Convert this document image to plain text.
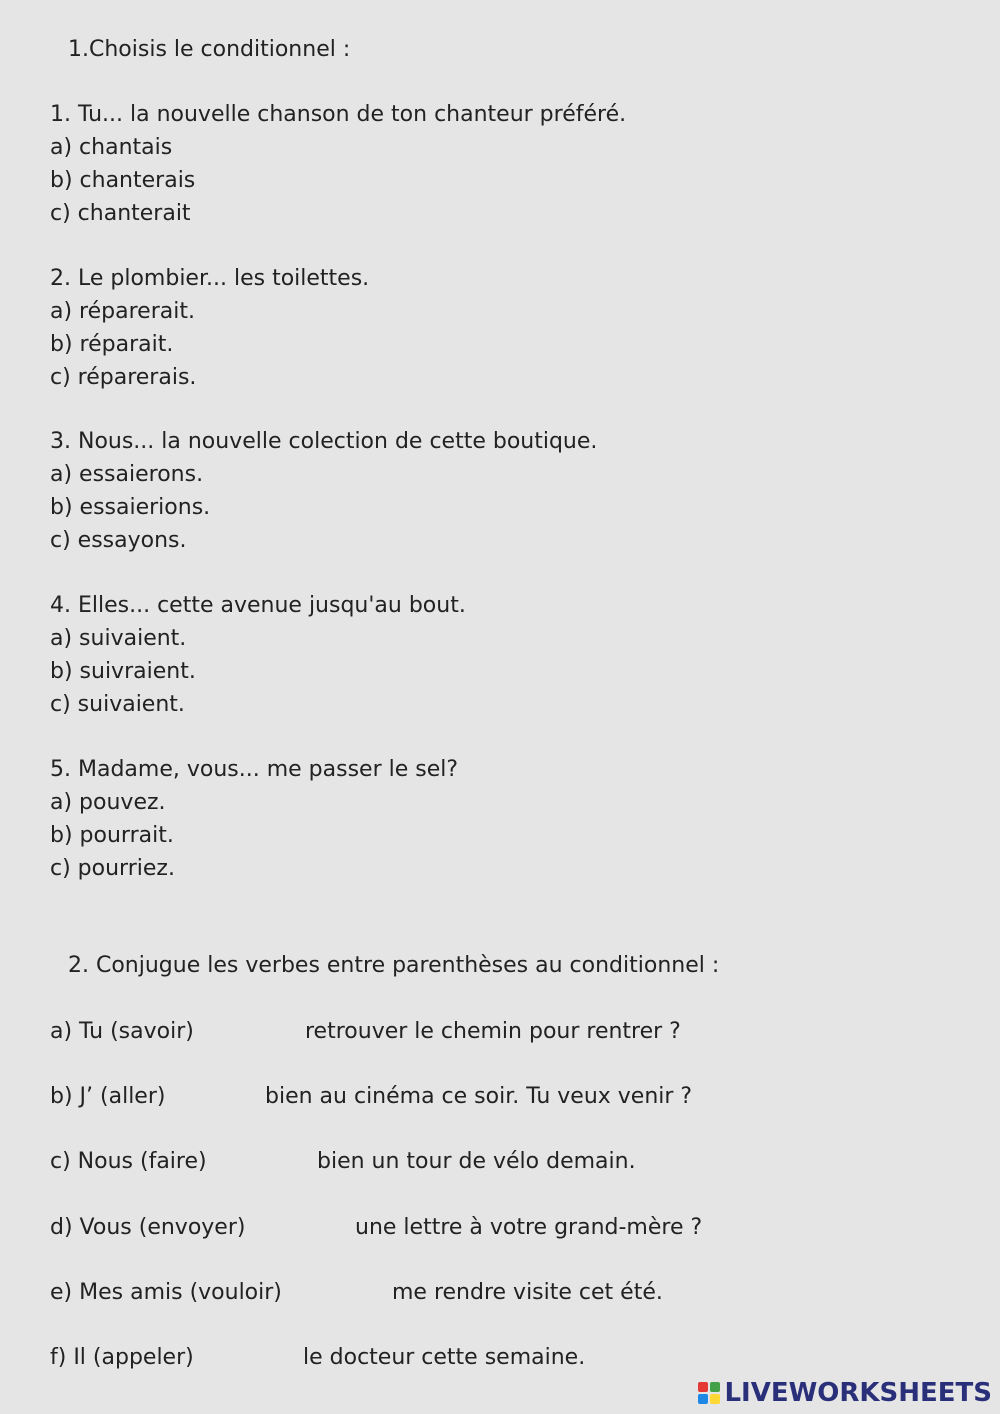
1.Choisis le conditionnel :
1. Tu... la nouvelle chanson de ton chanteur préféré.
a) chantais
b) chanterais
c) chanterait
2. Le plombier... les toilettes.
a) réparerait.
b) réparait.
c) réparerais.
3. Nous... la nouvelle colection de cette boutique.
a) essaierons.
b) essaierions.
c) essayons.
4. Elles... cette avenue jusqu'au bout.
a) suivaient.
b) suivraient.
c) suivaient.
5. Madame, vous... me passer le sel?
a) pouvez.
b) pourrait.
c) pourriez.
2. Conjugue les verbes entre parenthèses au conditionnel :
a) Tu (savoir)	retrouver le chemin pour rentrer ?
b) J’ (aller)	bien au cinéma ce soir. Tu veux venir ?
c) Nous (faire)	bien un tour de vélo demain.
d) Vous (envoyer)	une lettre à votre grand-mère ?
e) Mes amis (vouloir)	me rendre visite cet été.
f) Il (appeler)	le docteur cette semaine.
LIVEWORKSHEETS
